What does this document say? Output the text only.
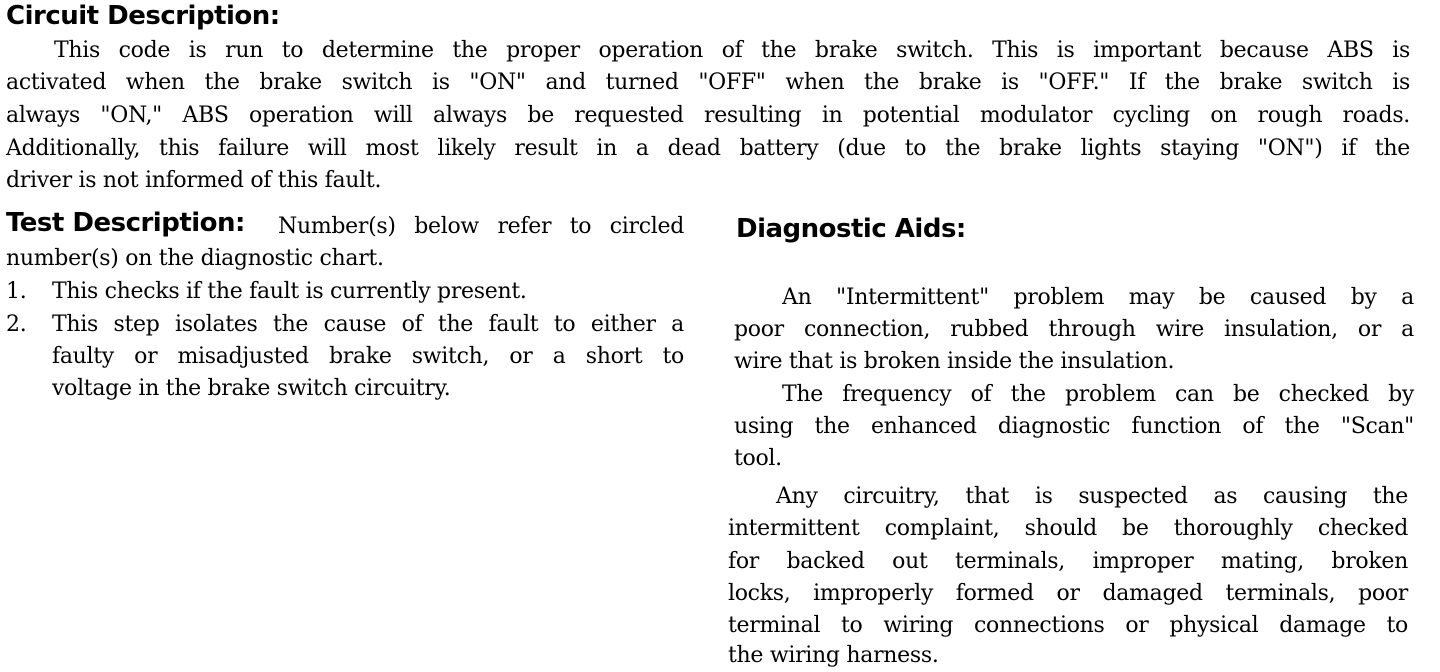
Circuit Description:
This code is run to determine the proper operation of the brake switch. This is important because ABS is
activated when the brake switch is "ON" and turned "OFF" when the brake is "OFF." If the brake switch is
always "ON," ABS operation will always be requested resulting in potential modulator cycling on rough roads.
Additionally, this failure will most likely result in a dead battery (due to the brake lights staying "ON") if the
driver is not informed of this fault.
Test Description: Number(s) below refer to circled
number(s) on the diagnostic chart.
1.	This checks if the fault is currently present.
2.	This step isolates the cause of the fault to either a
faulty or misadjusted brake switch, or a short to
voltage in the brake switch circuitry.
Diagnostic Aids:
An "Intermittent" problem may be caused by a
poor connection, rubbed through wire insulation, or a
wire that is broken inside the insulation.
The frequency of the problem can be checked by
using the enhanced diagnostic function of the "Scan"
tool.
Any circuitry, that is suspected as causing the
intermittent complaint, should be thoroughly checked
for backed out terminals, improper mating, broken
locks, improperly formed or damaged terminals, poor
terminal to wiring connections or physical damage to
the wiring harness.
